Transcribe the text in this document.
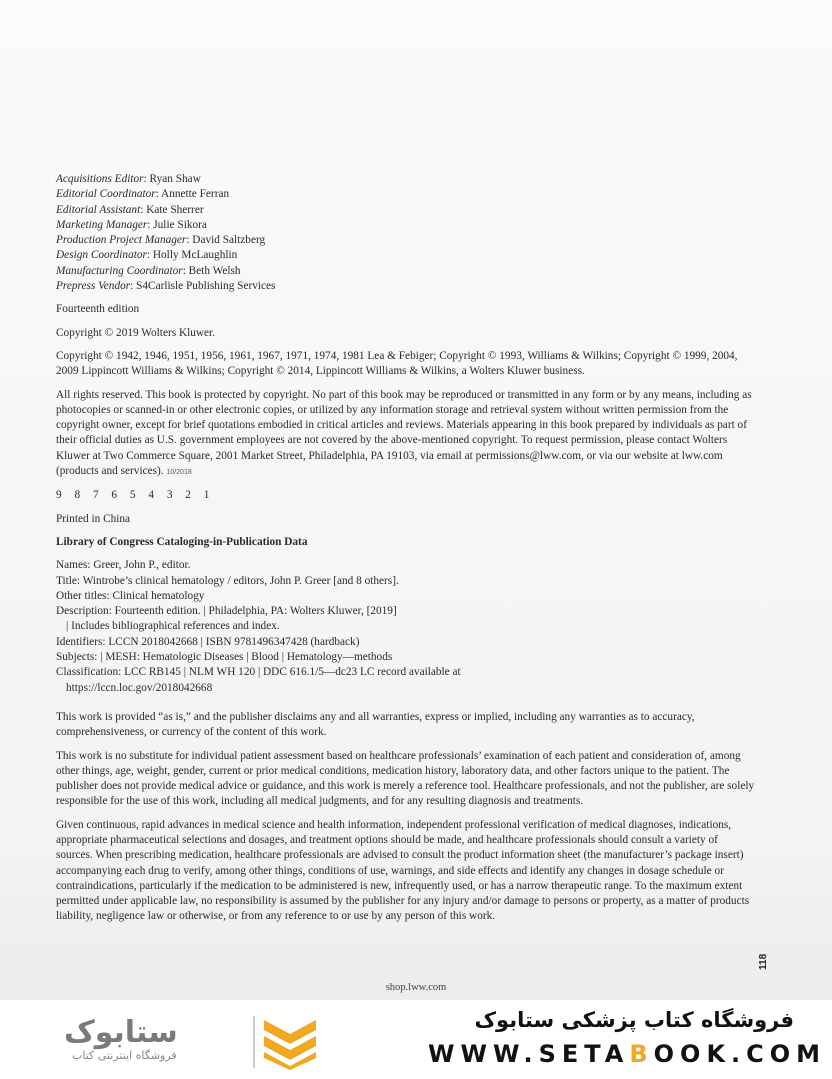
Acquisitions Editor: Ryan Shaw

Editorial Coordinator: Annette Ferran

Editorial Assistant: Kate Sherrer

Marketing Manager: Julie Sikora

Production Project Manager: David Saltzberg

Design Coordinator: Holly McLaughlin

Manufacturing Coordinator: Beth Welsh

Prepress Vendor: S4Carlisle Publishing Services

Fourteenth edition

Copyright © 2019 Wolters Kluwer.

Copyright © 1942, 1946, 1951, 1956, 1961, 1967, 1971, 1974, 1981 Lea & Febiger; Copyright © 1993, Williams & Wilkins; Copyright © 1999, 2004, 2009 Lippincott Williams & Wilkins; Copyright © 2014, Lippincott Williams & Wilkins, a Wolters Kluwer business.

All rights reserved. This book is protected by copyright. No part of this book may be reproduced or transmitted in any form or by any means, including as photocopies or scanned-in or other electronic copies, or utilized by any information storage and retrieval system without written permission from the copyright owner, except for brief quotations embodied in critical articles and reviews. Materials appearing in this book prepared by individuals as part of their official duties as U.S. government employees are not covered by the above-mentioned copyright. To request permission, please contact Wolters Kluwer at Two Commerce Square, 2001 Market Street, Philadelphia, PA 19103, via email at permissions@lww.com, or via our website at lww.com (products and services). 10/2018

9 8 7 6 5 4 3 2 1

Printed in China

Library of Congress Cataloging-in-Publication Data

Names: Greer, John P., editor.

Title: Wintrobe’s clinical hematology / editors, John P. Greer [and 8 others].

Other titles: Clinical hematology

Description: Fourteenth edition. | Philadelphia, PA: Wolters Kluwer, [2019]

| Includes bibliographical references and index.

Identifiers: LCCN 2018042668 | ISBN 9781496347428 (hardback)

Subjects: | MESH: Hematologic Diseases | Blood | Hematology—methods

Classification: LCC RB145 | NLM WH 120 | DDC 616.1/5—dc23 LC record available at

https://lccn.loc.gov/2018042668

This work is provided “as is,” and the publisher disclaims any and all warranties, express or implied, including any warranties as to accuracy, comprehensiveness, or currency of the content of this work.

This work is no substitute for individual patient assessment based on healthcare professionals’ examination of each patient and consideration of, among other things, age, weight, gender, current or prior medical conditions, medication history, laboratory data, and other factors unique to the patient. The publisher does not provide medical advice or guidance, and this work is merely a reference tool. Healthcare professionals, and not the publisher, are solely responsible for the use of this work, including all medical judgments, and for any resulting diagnosis and treatments.

Given continuous, rapid advances in medical science and health information, independent professional verification of medical diagnoses, indications, appropriate pharmaceutical selections and dosages, and treatment options should be made, and healthcare professionals should consult a variety of sources. When prescribing medication, healthcare professionals are advised to consult the product information sheet (the manufacturer’s package insert) accompanying each drug to verify, among other things, conditions of use, warnings, and side effects and identify any changes in dosage schedule or contraindications, particularly if the medication to be administered is new, infrequently used, or has a narrow therapeutic range. To the maximum extent permitted under applicable law, no responsibility is assumed by the publisher for any injury and/or damage to persons or property, as a matter of products liability, negligence law or otherwise, or from any reference to or use by any person of this work.

shop.lww.com
118
ستابوک
فروشگاه اینترنتی کتاب
فروشگاه کتاب پزشکی ستابوک
WWW.SETABOOK.COM
